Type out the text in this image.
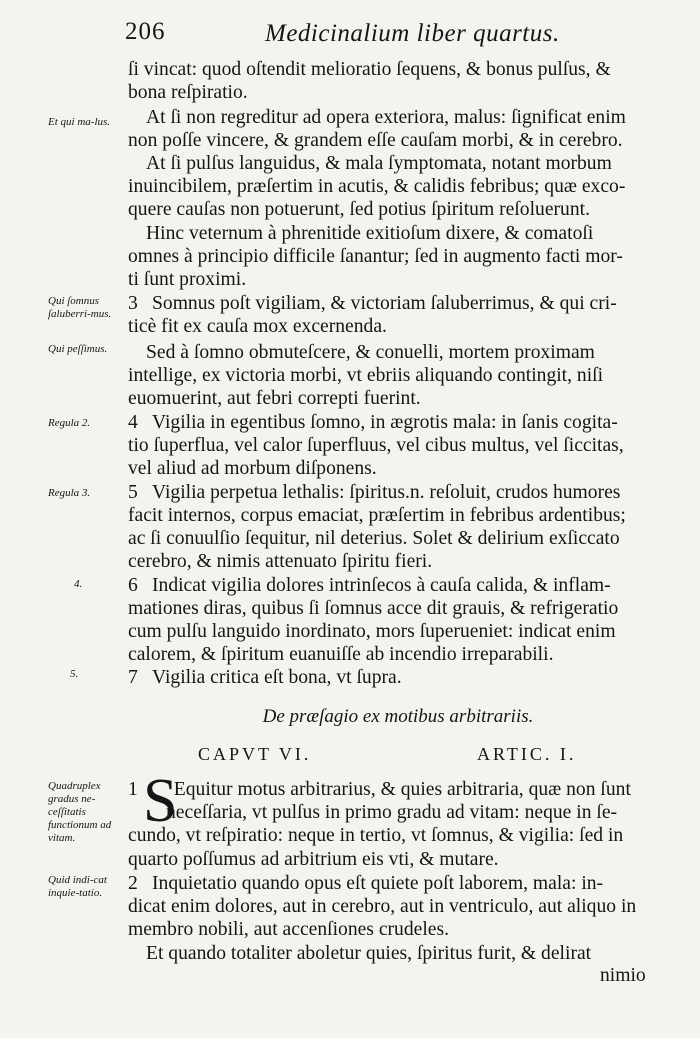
206	Medicinalium liber quartus.
ſi vincat: quod oſtendit melioratio ſequens, & bonus pulſus, &
bona reſpiratio.
At ſi non regreditur ad opera exteriora, malus: ſignificat enim
non poſſe vincere, & grandem eſſe cauſam morbi, & in cerebro.
At ſi pulſus languidus, & mala ſymptomata, notant morbum
inuincibilem, præſertim in acutis, & calidis febribus; quæ exco-
quere cauſas non potuerunt, ſed potius ſpiritum reſoluerunt.
Hinc veternum à phrenitide exitioſum dixere, & comatoſi
omnes à principio difficile ſanantur; ſed in augmento facti mor-
ti ſunt proximi.
3 Somnus poſt vigiliam, & victoriam ſaluberrimus, & qui cri-
ticè fit ex cauſa mox excernenda.
Sed à ſomno obmuteſcere, & conuelli, mortem proximam
intellige, ex victoria morbi, vt ebriis aliquando contingit, niſi
euomuerint, aut febri correpti fuerint.
4 Vigilia in egentibus ſomno, in ægrotis mala: in ſanis cogita-
tio ſuperflua, vel calor ſuperfluus, vel cibus multus, vel ſiccitas,
vel aliud ad morbum diſponens.
5 Vigilia perpetua lethalis: ſpiritus.n. reſoluit, crudos humores
facit internos, corpus emaciat, præſertim in febribus ardentibus;
ac ſi conuulſio ſequitur, nil deterius. Solet & delirium exſiccato
cerebro, & nimis attenuato ſpiritu fieri.
6 Indicat vigilia dolores intrinſecos à cauſa calida, & inflam-
mationes diras, quibus ſi ſomnus acce dit grauis, & refrigeratio
cum pulſu languido inordinato, mors ſuperueniet: indicat enim
calorem, & ſpiritum euanuiſſe ab incendio irreparabili.
7 Vigilia critica eſt bona, vt ſupra.
De præſagio ex motibus arbitrariis.
CAPVT VI.	ARTIC. I.
S
1 Equitur motus arbitrarius, & quies arbitraria, quæ non ſunt
neceſſaria, vt pulſus in primo gradu ad vitam: neque in ſe-
cundo, vt reſpiratio: neque in tertio, vt ſomnus, & vigilia: ſed in
quarto poſſumus ad arbitrium eis vti, & mutare.
2 Inquietatio quando opus eſt quiete poſt laborem, mala: in-
dicat enim dolores, aut in cerebro, aut in ventriculo, aut aliquo in
membro nobili, aut accenſiones crudeles.
Et quando totaliter aboletur quies, ſpiritus furit, & delirat
nimio
Et qui ma-lus.
Qui ſomnus ſaluberri-mus.
Qui peſſimus.
Regula 2.
Regula 3.
4.
5.
Quadruplex gradus ne-ceſſitatis functionum ad vitam.
Quid indi-cat inquie-tatio.
